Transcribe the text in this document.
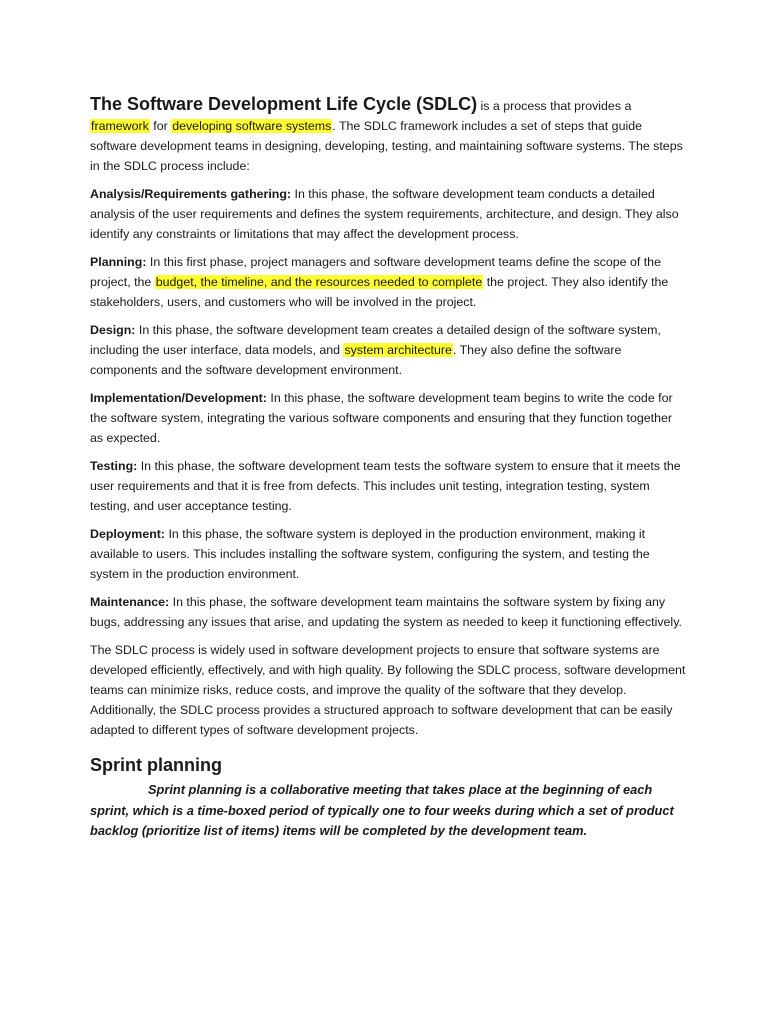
The Software Development Life Cycle (SDLC) is a process that provides a framework for developing software systems. The SDLC framework includes a set of steps that guide software development teams in designing, developing, testing, and maintaining software systems. The steps in the SDLC process include:

Analysis/Requirements gathering: In this phase, the software development team conducts a detailed analysis of the user requirements and defines the system requirements, architecture, and design. They also identify any constraints or limitations that may affect the development process.

Planning: In this first phase, project managers and software development teams define the scope of the project, the budget, the timeline, and the resources needed to complete the project. They also identify the stakeholders, users, and customers who will be involved in the project.

Design: In this phase, the software development team creates a detailed design of the software system, including the user interface, data models, and system architecture. They also define the software components and the software development environment.

Implementation/Development: In this phase, the software development team begins to write the code for the software system, integrating the various software components and ensuring that they function together as expected.

Testing: In this phase, the software development team tests the software system to ensure that it meets the user requirements and that it is free from defects. This includes unit testing, integration testing, system testing, and user acceptance testing.

Deployment: In this phase, the software system is deployed in the production environment, making it available to users. This includes installing the software system, configuring the system, and testing the system in the production environment.

Maintenance: In this phase, the software development team maintains the software system by fixing any bugs, addressing any issues that arise, and updating the system as needed to keep it functioning effectively.

The SDLC process is widely used in software development projects to ensure that software systems are developed efficiently, effectively, and with high quality. By following the SDLC process, software development teams can minimize risks, reduce costs, and improve the quality of the software that they develop. Additionally, the SDLC process provides a structured approach to software development that can be easily adapted to different types of software development projects.

Sprint planning

Sprint planning is a collaborative meeting that takes place at the beginning of each sprint, which is a time-boxed period of typically one to four weeks during which a set of product backlog (prioritize list of items) items will be completed by the development team.
